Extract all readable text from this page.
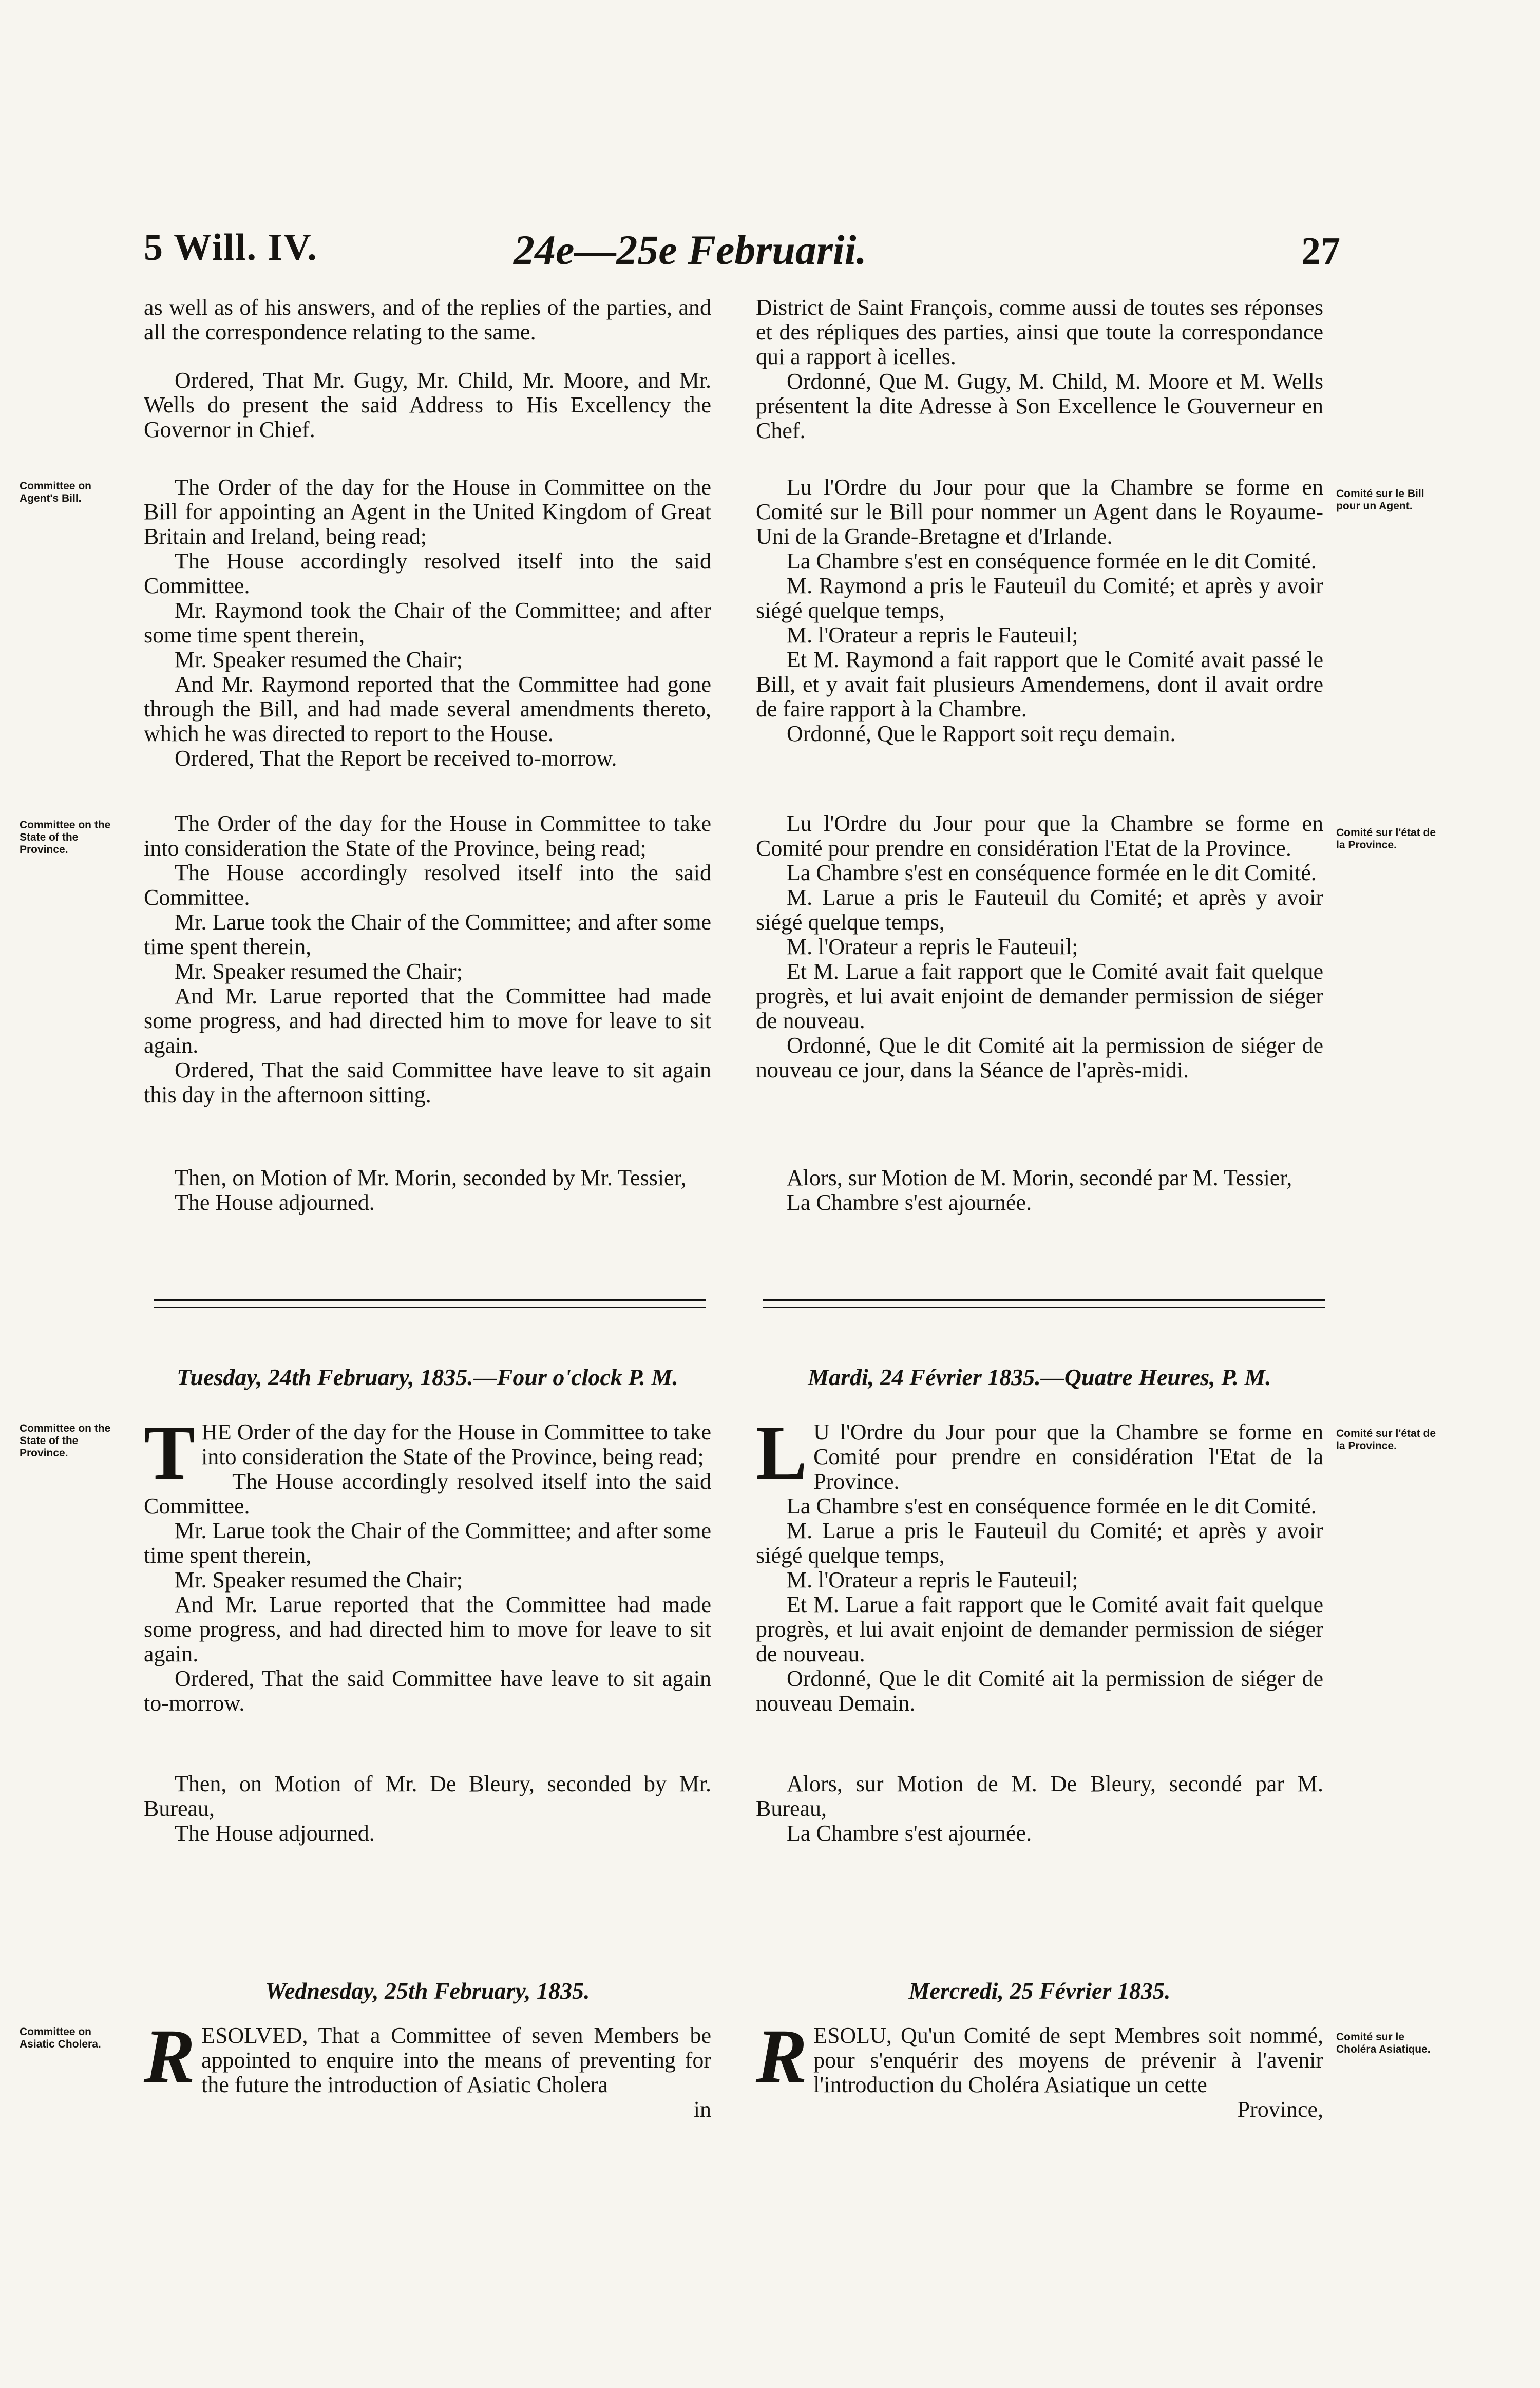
5 Will. IV.	24e—25e Februarii.	27

as well as of his answers, and of the replies of the parties, and all the correspondence relating to the same.

Ordered, That Mr. Gugy, Mr. Child, Mr. Moore, and Mr. Wells do present the said Address to His Excellency the Governor in Chief.

District de Saint François, comme aussi de toutes ses réponses et des répliques des parties, ainsi que toute la correspondance qui a rapport à icelles.

Ordonné, Que M. Gugy, M. Child, M. Moore et M. Wells présentent la dite Adresse à Son Excellence le Gouverneur en Chef.

Committee on Agent's Bill.	Comité sur le Bill pour un Agent.

The Order of the day for the House in Committee on the Bill for appointing an Agent in the United Kingdom of Great Britain and Ireland, being read;

The House accordingly resolved itself into the said Committee.

Mr. Raymond took the Chair of the Committee; and after some time spent therein,

Mr. Speaker resumed the Chair;

And Mr. Raymond reported that the Committee had gone through the Bill, and had made several amendments thereto, which he was directed to report to the House.

Ordered, That the Report be received to-morrow.

Lu l'Ordre du Jour pour que la Chambre se forme en Comité sur le Bill pour nommer un Agent dans le Royaume-Uni de la Grande-Bretagne et d'Irlande.

La Chambre s'est en conséquence formée en le dit Comité.

M. Raymond a pris le Fauteuil du Comité; et après y avoir siégé quelque temps,

M. l'Orateur a repris le Fauteuil;

Et M. Raymond a fait rapport que le Comité avait passé le Bill, et y avait fait plusieurs Amendemens, dont il avait ordre de faire rapport à la Chambre.

Ordonné, Que le Rapport soit reçu demain.

Committee on the State of the Province.
Comité sur l'état de la Province.

The Order of the day for the House in Committee to take into consideration the State of the Province, being read;

The House accordingly resolved itself into the said Committee.

Mr. Larue took the Chair of the Committee; and after some time spent therein,

Mr. Speaker resumed the Chair;

And Mr. Larue reported that the Committee had made some progress, and had directed him to move for leave to sit again.

Ordered, That the said Committee have leave to sit again this day in the afternoon sitting.

Lu l'Ordre du Jour pour que la Chambre se forme en Comité pour prendre en considération l'Etat de la Province.

La Chambre s'est en conséquence formée en le dit Comité.

M. Larue a pris le Fauteuil du Comité; et après y avoir siégé quelque temps,

M. l'Orateur a repris le Fauteuil;

Et M. Larue a fait rapport que le Comité avait fait quelque progrès, et lui avait enjoint de demander permission de siéger de nouveau.

Ordonné, Que le dit Comité ait la permission de siéger de nouveau ce jour, dans la Séance de l'après-midi.

Then, on Motion of Mr. Morin, seconded by Mr. Tessier,

The House adjourned.

Alors, sur Motion de M. Morin, secondé par M. Tessier,

La Chambre s'est ajournée.

Tuesday, 24th February, 1835.—Four o'clock P. M.	Mardi, 24 Février 1835.—Quatre Heures, P. M.
Committee on the State of the Province.
Comité sur l'état de la Province.

THE Order of the day for the House in Committee to take into consideration the State of the Province, being read;

The House accordingly resolved itself into the said Committee.

Mr. Larue took the Chair of the Committee; and after some time spent therein,

Mr. Speaker resumed the Chair;

And Mr. Larue reported that the Committee had made some progress, and had directed him to move for leave to sit again.

Ordered, That the said Committee have leave to sit again to-morrow.

L U l'Ordre du Jour pour que la Chambre se forme en Comité pour prendre en considération l'Etat de la Province.

La Chambre s'est en conséquence formée en le dit Comité.

M. Larue a pris le Fauteuil du Comité; et après y avoir siégé quelque temps,

M. l'Orateur a repris le Fauteuil;

Et M. Larue a fait rapport que le Comité avait fait quelque progrès, et lui avait enjoint de demander permission de siéger de nouveau.

Ordonné, Que le dit Comité ait la permission de siéger de nouveau Demain.

Then, on Motion of Mr. De Bleury, seconded by Mr. Bureau,

The House adjourned.

Alors, sur Motion de M. De Bleury, secondé par M. Bureau,

La Chambre s'est ajournée.

Wednesday, 25th February, 1835.	Mercredi, 25 Février 1835.
Committee on Asiatic Cholera.
Comité sur le Choléra Asiatique.

RESOLVED, That a Committee of seven Members be appointed to enquire into the means of preventing for the future the introduction of Asiatic Cholera

in

RESOLU, Qu'un Comité de sept Membres soit nommé, pour s'enquérir des moyens de prévenir à l'avenir l'introduction du Choléra Asiatique un cette

Province,
